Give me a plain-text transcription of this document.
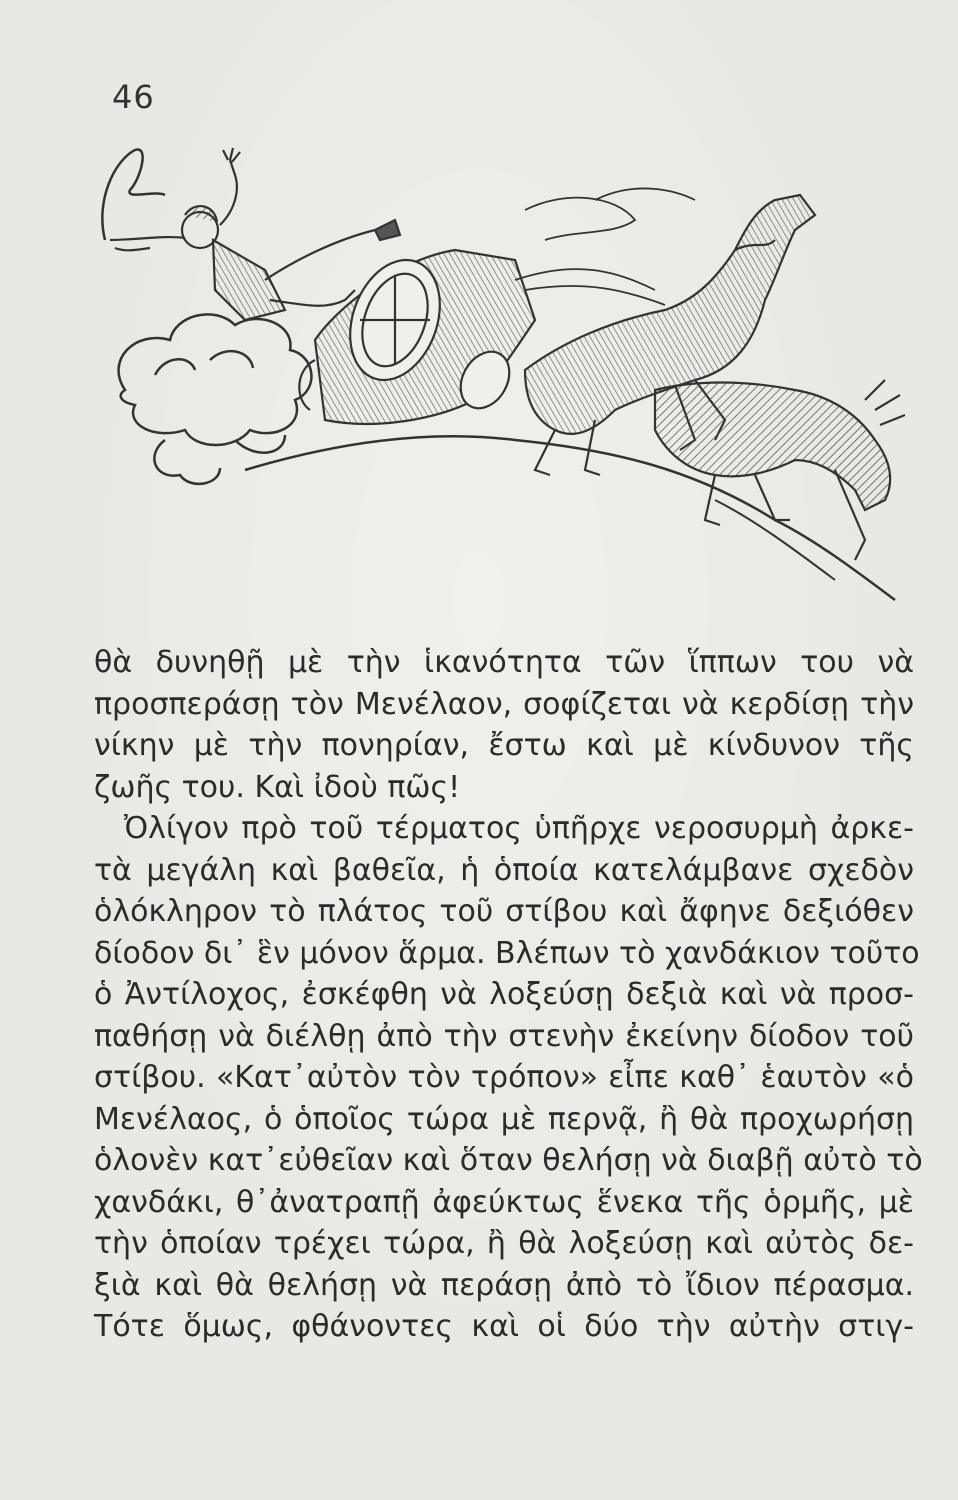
46
θὰ δυνηθῇ μὲ τὴν ἱκανότητα τῶν ἵππων του νὰ
προσπεράσῃ τὸν Μενέλαον, σοφίζεται νὰ κερδίσῃ τὴν
νίκην μὲ τὴν πονηρίαν, ἔστω καὶ μὲ κίνδυνον τῆς
ζωῆς του. Καὶ ἰδοὺ πῶς!
Ὀλίγον πρὸ τοῦ τέρματος ὑπῆρχε νεροσυρμὴ ἀρκε-
τὰ μεγάλη καὶ βαθεῖα, ἡ ὁποία κατελάμβανε σχεδὸν
ὁλόκληρον τὸ πλάτος τοῦ στίβου καὶ ἄφηνε δεξιόθεν
δίοδον δι᾽ ἓν μόνον ἅρμα. Βλέπων τὸ χανδάκιον τοῦτο
ὁ Ἀντίλοχος, ἐσκέφθη νὰ λοξεύσῃ δεξιὰ καὶ νὰ προσ-
παθήσῃ νὰ διέλθῃ ἀπὸ τὴν στενὴν ἐκείνην δίοδον τοῦ
στίβου. «Κατ᾽αὐτὸν τὸν τρόπον» εἶπε καθ᾽ ἑαυτὸν «ὁ
Μενέλαος, ὁ ὁποῖος τώρα μὲ περνᾷ, ἢ θὰ προχωρήσῃ
ὁλονὲν κατ᾽εὐθεῖαν καὶ ὅταν θελήσῃ νὰ διαβῇ αὐτὸ τὸ
χανδάκι, θ᾽ἀνατραπῇ ἀφεύκτως ἕνεκα τῆς ὁρμῆς, μὲ
τὴν ὁποίαν τρέχει τώρα, ἢ θὰ λοξεύσῃ καὶ αὐτὸς δε-
ξιὰ καὶ θὰ θελήσῃ νὰ περάσῃ ἀπὸ τὸ ἴδιον πέρασμα.
Τότε ὅμως, φθάνοντες καὶ οἱ δύο τὴν αὐτὴν στιγ-
